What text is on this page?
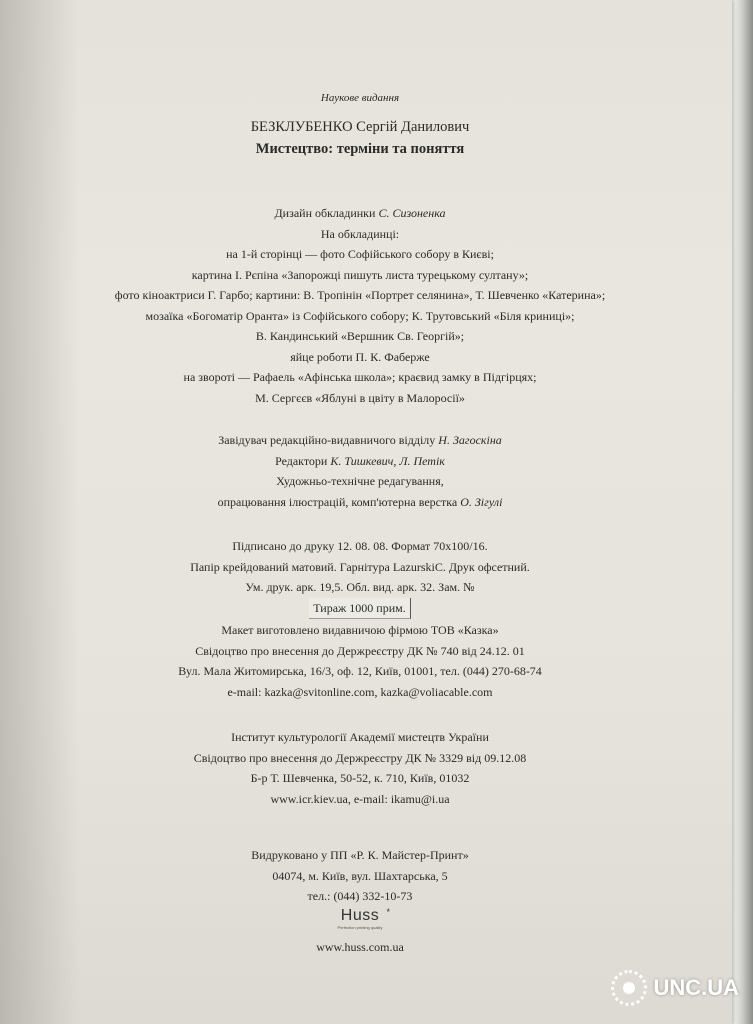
Наукове видання
БЕЗКЛУБЕНКО Сергій Данилович
Мистецтво: терміни та поняття
Дизайн обкладинки С. Сизоненка
На обкладинці:
на 1-й сторінці — фото Софійського собору в Києві;
картина І. Рєпіна «Запорожці пишуть листа турецькому султану»;
фото кіноактриси Г. Гарбо; картини: В. Тропінін «Портрет селянина», Т. Шевченко «Катерина»;
мозаїка «Богоматір Оранта» із Софійського собору; К. Трутовський «Біля криниці»;
В. Кандинський «Вершник Св. Георгій»;
яйце роботи П. К. Фаберже
на звороті — Рафаель «Афінська школа»; краєвид замку в Підгірцях;
М. Сергєєв «Яблуні в цвіту в Малоросії»
Завідувач редакційно-видавничого відділу Н. Загоскіна
Редактори К. Тишкевич, Л. Петік
Художньо-технічне редагування,
опрацювання ілюстрацій, комп'ютерна верстка О. Зігулі
Підписано до друку 12. 08. 08. Формат 70х100/16.
Папір крейдований матовий. Гарнітура LazurskiC. Друк офсетний.
Ум. друк. арк. 19,5. Обл. вид. арк. 32. Зам. №
Тираж 1000 прим.
Макет виготовлено видавничою фірмою ТОВ «Казка»
Свідоцтво про внесення до Держреєстру ДК № 740 від 24.12. 01
Вул. Мала Житомирська, 16/3, оф. 12, Київ, 01001, тел. (044) 270-68-74
e-mail: kazka@svitonline.com, kazka@voliacable.com
Інститут культурології Академії мистецтв України
Свідоцтво про внесення до Держреєстру ДК № 3329 від 09.12.08
Б-р Т. Шевченка, 50-52, к. 710, Київ, 01032
www.icr.kiev.ua, e-mail: ikamu@i.ua
Видруковано у ПП «Р. К. Майстер-Принт»
04074, м. Київ, вул. Шахтарська, 5
тел.: (044) 332-10-73
Huss *
Perfection printing quality
www.huss.com.ua
UNC.UA
